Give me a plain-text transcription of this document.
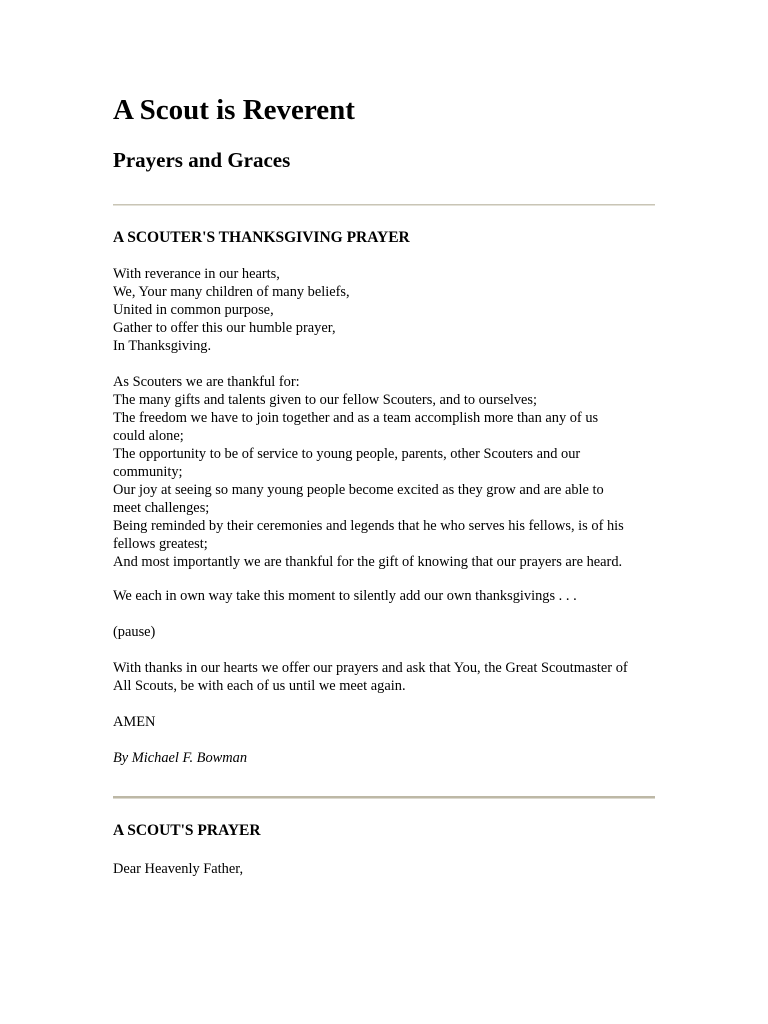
A Scout is Reverent
Prayers and Graces
A SCOUTER'S THANKSGIVING PRAYER

With reverance in our hearts,
We, Your many children of many beliefs,
United in common purpose,
Gather to offer this our humble prayer,
In Thanksgiving.

As Scouters we are thankful for:
The many gifts and talents given to our fellow Scouters, and to ourselves;
The freedom we have to join together and as a team accomplish more than any of us
could alone;
The opportunity to be of service to young people, parents, other Scouters and our
community;
Our joy at seeing so many young people become excited as they grow and are able to
meet challenges;
Being reminded by their ceremonies and legends that he who serves his fellows, is of his
fellows greatest;
And most importantly we are thankful for the gift of knowing that our prayers are heard.

We each in own way take this moment to silently add our own thanksgivings . . .

(pause)

With thanks in our hearts we offer our prayers and ask that You, the Great Scoutmaster of
All Scouts, be with each of us until we meet again.

AMEN

By Michael F. Bowman

A SCOUT'S PRAYER

Dear Heavenly Father,
